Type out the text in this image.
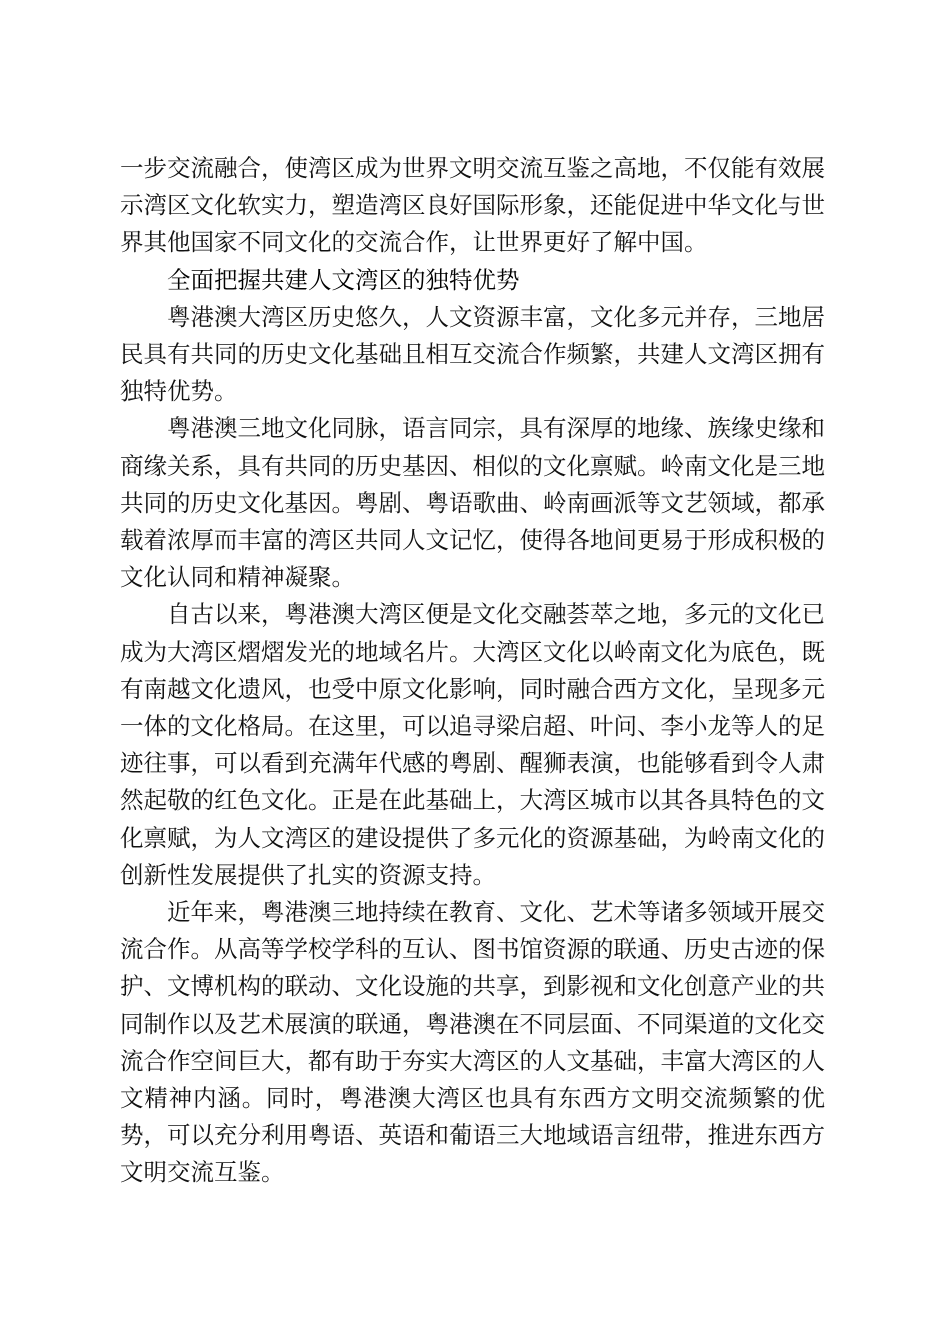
一步交流融合，使湾区成为世界文明交流互鉴之高地，不仅能有效展示湾区文化软实力，塑造湾区良好国际形象，还能促进中华文化与世界其他国家不同文化的交流合作，让世界更好了解中国。

全面把握共建人文湾区的独特优势

粤港澳大湾区历史悠久，人文资源丰富，文化多元并存，三地居民具有共同的历史文化基础且相互交流合作频繁，共建人文湾区拥有独特优势。

粤港澳三地文化同脉，语言同宗，具有深厚的地缘、族缘史缘和商缘关系，具有共同的历史基因、相似的文化禀赋。岭南文化是三地共同的历史文化基因。粤剧、粤语歌曲、岭南画派等文艺领域，都承载着浓厚而丰富的湾区共同人文记忆，使得各地间更易于形成积极的文化认同和精神凝聚。

自古以来，粤港澳大湾区便是文化交融荟萃之地，多元的文化已成为大湾区熠熠发光的地域名片。大湾区文化以岭南文化为底色，既有南越文化遗风，也受中原文化影响，同时融合西方文化，呈现多元一体的文化格局。在这里，可以追寻梁启超、叶问、李小龙等人的足迹往事，可以看到充满年代感的粤剧、醒狮表演，也能够看到令人肃然起敬的红色文化。正是在此基础上，大湾区城市以其各具特色的文化禀赋，为人文湾区的建设提供了多元化的资源基础，为岭南文化的创新性发展提供了扎实的资源支持。

近年来，粤港澳三地持续在教育、文化、艺术等诸多领域开展交流合作。从高等学校学科的互认、图书馆资源的联通、历史古迹的保护、文博机构的联动、文化设施的共享，到影视和文化创意产业的共同制作以及艺术展演的联通，粤港澳在不同层面、不同渠道的文化交流合作空间巨大，都有助于夯实大湾区的人文基础，丰富大湾区的人文精神内涵。同时，粤港澳大湾区也具有东西方文明交流频繁的优势，可以充分利用粤语、英语和葡语三大地域语言纽带，推进东西方文明交流互鉴。
